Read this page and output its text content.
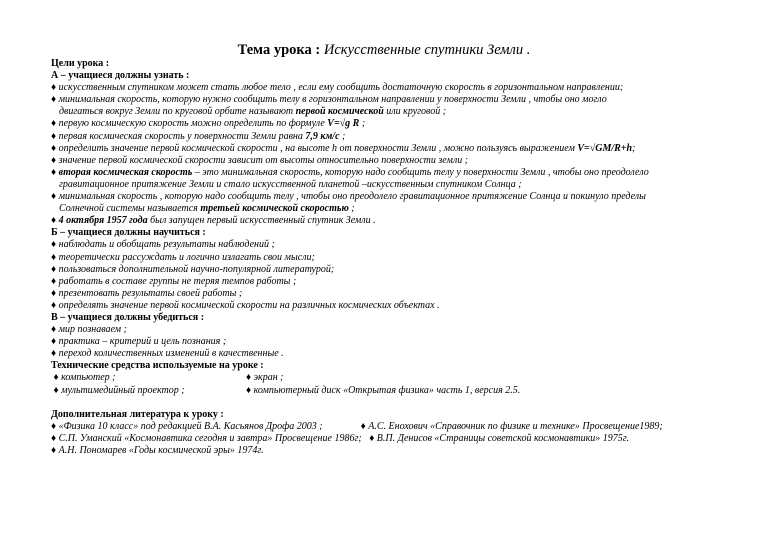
Тема урока : Искусственные спутники Земли .
Цели урока :
А – учащиеся должны узнать :
♦ искусственным спутником может стать любое тело , если ему сообщить достаточную скорость в горизонтальном направлении;
♦ минимальная скорость, которую нужно сообщить телу в горизонтальном направлении у поверхности Земли , чтобы оно могло
двигаться вокруг Земли по круговой орбите называют первой космической или круговой ;
♦ первую космическую скорость можно определить по формуле V=√g R ;
♦ первая космическая скорость у поверхности Земли равна 7,9 км/с ;
♦ определить значение первой космической скорости , на высоте h от поверхности Земли , можно пользуясь выражением V=√GM/R+h;
♦ значение первой космической скорости зависит от высоты относительно поверхности земли ;
♦ вторая космическая скорость – это минимальная скорость, которую надо сообщить телу у поверхности Земли , чтобы оно преодолело
гравитационное притяжение Земли и стало искусственной планетой –искусственным спутником Солнца ;
♦ минимальная скорость , которую надо сообщить телу , чтобы оно преодолело гравитационное притяжение Солнца и покинуло пределы
Солнечной системы называется третьей космической скоростью ;
♦ 4 октября 1957 года был запущен первый искусственный спутник Земли .
Б – учащиеся должны научиться :
♦ наблюдать и обобщать результаты наблюдений ;
♦ теоретически рассуждать и логично излагать свои мысли;
♦ пользоваться дополнительной научно-популярной литературой;
♦ работать в составе группы не теряя темпов работы ;
♦ презентовать результаты своей работы ;
♦ определять значение первой космической скорости на различных космических объектах .
В – учащиеся должны убедиться :
♦ мир познаваем ;
♦ практика – критерий и цель познания ;
♦ переход количественных изменений в качественные .
Технические средства используемые на уроке :
♦ компьютер ;	♦ экран ;
♦ мультимедийный проектор ;	♦ компьютерный диск «Открытая физика» часть 1, версия 2.5.
Дополнительная литература к уроку :
♦ «Физика 10 класс» под редакцией В.А. Касьянов Дрофа 2003 ;	♦ А.С. Енохович «Справочник по физике и технике» Просвещение1989;
♦ С.П. Уманский «Космонавтика сегодня и завтра» Просвещение 1986г; ♦ В.П. Денисов «Страницы советской космонавтики» 1975г.
♦ А.Н. Пономарев «Годы космической эры» 1974г.
